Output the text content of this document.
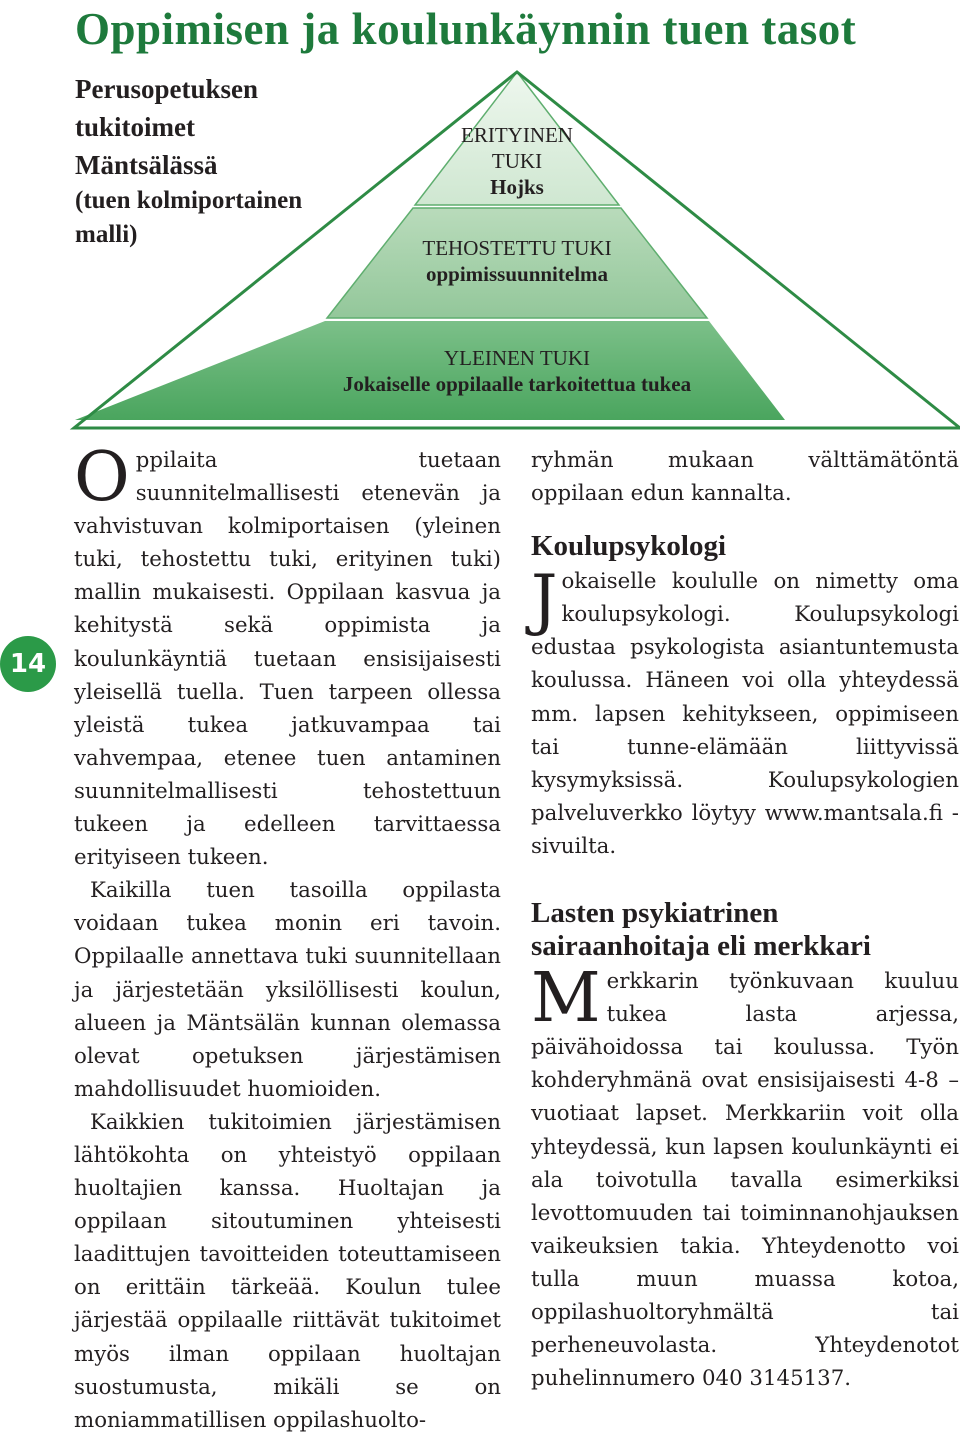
Oppimisen ja koulunkäynnin tuen tasot
Perusopetuksen tukitoimet
Mäntsälässä
(tuen kolmiportainen
malli)
ERITYINEN
TUKI
Hojks
TEHOSTETTU TUKI
oppimissuunnitelma
YLEINEN TUKI
Jokaiselle oppilaalle tarkoitettua tukea
14

Oppilaita tuetaan suunnitelmallisesti etenevän ja vahvistuvan kolmiportaisen (yleinen tuki, tehostettu tuki, erityinen tuki) mallin mukaisesti. Oppilaan kasvua ja kehitystä sekä oppimista ja koulunkäyntiä tuetaan ensisijaisesti yleisellä tuella. Tuen tarpeen ollessa yleistä tukea jatkuvampaa tai vahvempaa, etenee tuen antaminen suunnitelmallisesti tehostettuun tukeen ja edelleen tarvittaessa erityiseen tukeen.

Kaikilla tuen tasoilla oppilasta voidaan tukea monin eri tavoin. Oppilaalle annettava tuki suunnitellaan ja järjestetään yksilöllisesti koulun, alueen ja Mäntsälän kunnan olemassa olevat opetuksen järjestämisen mahdollisuudet huomioiden.

Kaikkien tukitoimien järjestämisen lähtökohta on yhteistyö oppilaan huoltajien kanssa. Huoltajan ja oppilaan sitoutuminen yhteisesti laadittujen tavoitteiden toteuttamiseen on erittäin tärkeää. Koulun tulee järjestää oppilaalle riittävät tukitoimet myös ilman oppilaan huoltajan suostumusta, mikäli se on moniammatillisen oppilashuolto-

ryhmän mukaan välttämätöntä oppilaan edun kannalta.

Koulupsykologi

Jokaiselle koululle on nimetty oma koulupsykologi. Koulupsykologi edustaa psykologista asiantuntemusta koulussa. Häneen voi olla yhteydessä mm. lapsen kehitykseen, oppimiseen tai tunne-elämään liittyvissä kysymyksissä. Koulupsykologien palveluverkko löytyy www.mantsala.fi -sivuilta.

Lasten psykiatrinen sairaanhoitaja eli merkkari

Merkkarin työnkuvaan kuuluu tukea lasta arjessa, päivähoidossa tai koulussa. Työn kohderyhmänä ovat ensisijaisesti 4-8 –vuotiaat lapset. Merkkariin voit olla yhteydessä, kun lapsen koulunkäynti ei ala toivotulla tavalla esimerkiksi levottomuuden tai toiminnanohjauksen vaikeuksien takia. Yhteydenotto voi tulla muun muassa kotoa, oppilashuoltoryhmältä tai perheneuvolasta. Yhteydenotot puhelinnumero 040 3145137.
